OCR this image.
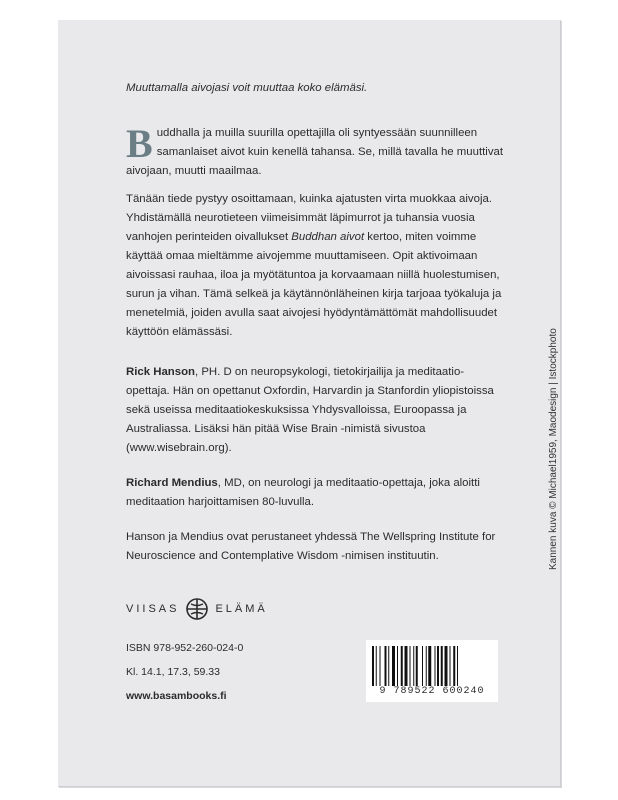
Muuttamalla aivojasi voit muuttaa koko elämäsi.
Buddhalla ja muilla suurilla opettajilla oli syntyessään suunnilleen samanlaiset aivot kuin kenellä tahansa. Se, millä tavalla he muuttivat aivojaan, muutti maailmaa.
Tänään tiede pystyy osoittamaan, kuinka ajatusten virta muokkaa aivoja. Yhdistämällä neurotieteen viimeisimmät läpimurrot ja tuhansia vuosia vanhojen perinteiden oivallukset Buddhan aivot kertoo, miten voimme käyttää omaa mieltämme aivojemme muuttamiseen. Opit aktivoimaan aivoissasi rauhaa, iloa ja myötätuntoa ja korvaamaan niillä huolestumisen, surun ja vihan. Tämä selkeä ja käytännönläheinen kirja tarjoaa työkaluja ja menetelmiä, joiden avulla saat aivojesi hyödyntämättömät mahdollisuudet käyttöön elämässäsi.
Rick Hanson, PH. D on neuropsykologi, tietokirjailija ja meditaatio-opettaja. Hän on opettanut Oxfordin, Harvardin ja Stanfordin yliopistoissa sekä useissa meditaatiokeskuksissa Yhdysvalloissa, Euroopassa ja Australiassa. Lisäksi hän pitää Wise Brain -nimistä sivustoa (www.wisebrain.org).
Richard Mendius, MD, on neurologi ja meditaatio-opettaja, joka aloitti meditaation harjoittamisen 80-luvulla.
Hanson ja Mendius ovat perustaneet yhdessä The Wellspring Institute for Neuroscience and Contemplative Wisdom -nimisen instituutin.
VIISAS	ELÄMÄ
ISBN 978-952-260-024-0
Kl. 14.1, 17.3, 59.33
www.basambooks.fi	9 789522 600240
Kannen kuva © Michael1959, Maodesign | Istockphoto
